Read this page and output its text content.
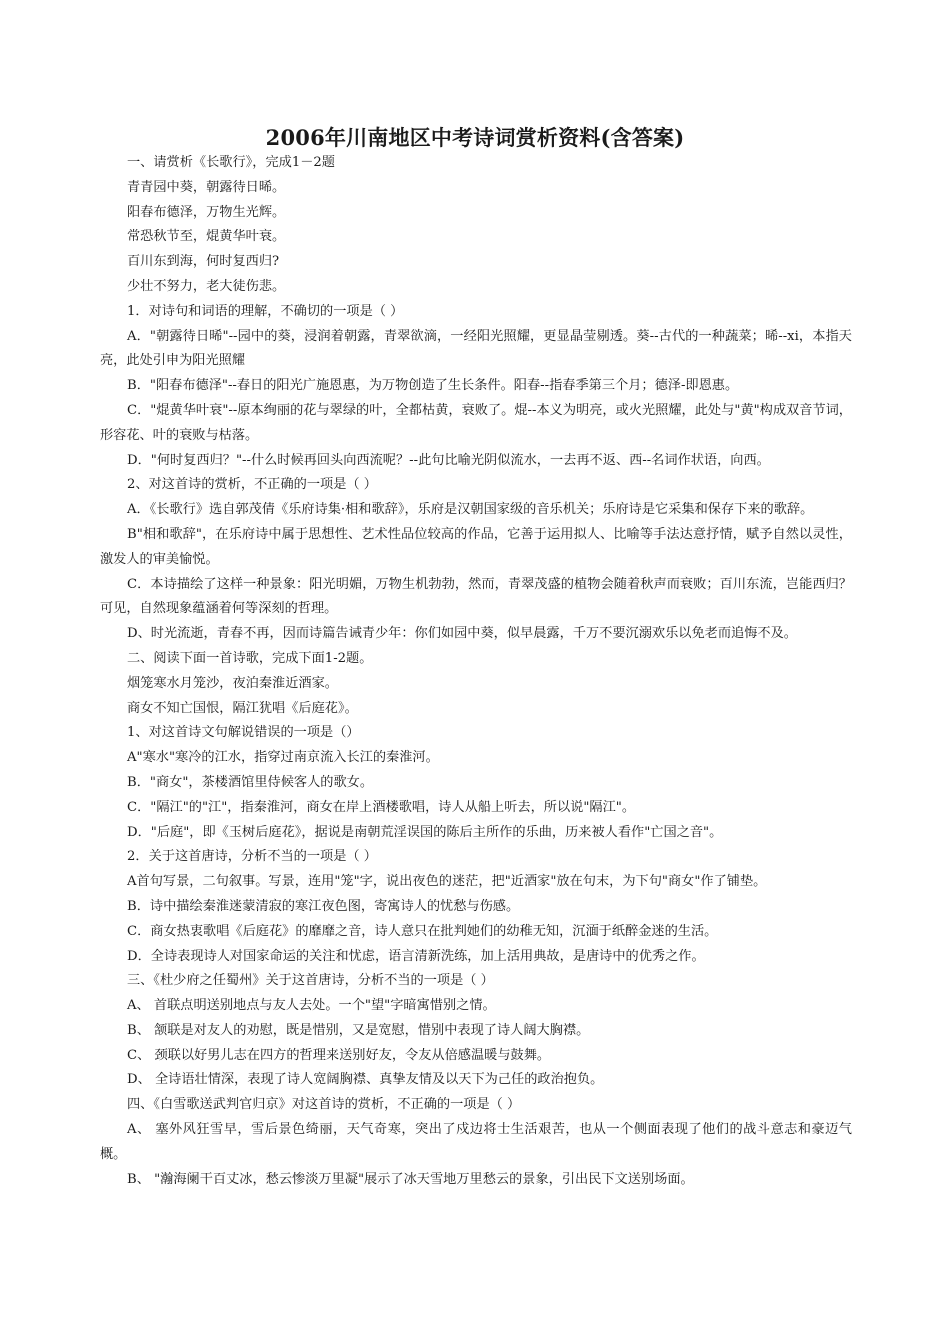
2006年川南地区中考诗词赏析资料(含答案)

一、请赏析《长歌行》，完成1－2题

青青园中葵，朝露待日晞。

阳春布德泽，万物生光辉。

常恐秋节至，焜黄华叶衰。

百川东到海，何时复西归?

少壮不努力，老大徒伤悲。

1．对诗句和词语的理解，不确切的一项是（ ）

A．"朝露待日晞"--园中的葵，浸润着朝露，青翠欲滴，一经阳光照耀，更显晶莹剔透。葵--古代的一种蔬菜；晞--xi，本指天亮，此处引申为阳光照耀

B．"阳春布德泽"--春日的阳光广施恩惠，为万物创造了生长条件。阳春--指春季第三个月；德泽-即恩惠。

C．"焜黄华叶衰"--原本绚丽的花与翠绿的叶，全都枯黄，衰败了。焜--本义为明亮，或火光照耀，此处与"黄"构成双音节词，形容花、叶的衰败与枯落。

D．"何时复西归？"--什么时候再回头向西流呢？--此句比喻光阴似流水，一去再不返、西--名词作状语，向西。

2、对这首诗的赏析，不正确的一项是（ ）

A．《长歌行》选自郭茂倩《乐府诗集·相和歌辞》，乐府是汉朝国家级的音乐机关；乐府诗是它采集和保存下来的歌辞。

B"相和歌辞"，在乐府诗中属于思想性、艺术性品位较高的作品，它善于运用拟人、比喻等手法达意抒情，赋予自然以灵性，激发人的审美愉悦。

C．本诗描绘了这样一种景象：阳光明媚，万物生机勃勃，然而，青翠茂盛的植物会随着秋声而衰败；百川东流，岂能西归？可见，自然现象蕴涵着何等深刻的哲理。

D、时光流逝，青春不再，因而诗篇告诫青少年：你们如园中葵，似早晨露，千万不要沉溺欢乐以免老而追悔不及。

二、阅读下面一首诗歌，完成下面1-2题。

烟笼寒水月笼沙，夜泊秦淮近酒家。

商女不知亡国恨，隔江犹唱《后庭花》。

1、对这首诗文句解说错误的一项是（）

A"寒水"寒冷的江水，指穿过南京流入长江的秦淮河。

B．"商女"，茶楼酒馆里侍候客人的歌女。

C．"隔江"的"江"，指秦淮河，商女在岸上酒楼歌唱，诗人从船上听去，所以说"隔江"。

D．"后庭"，即《玉树后庭花》，据说是南朝荒淫误国的陈后主所作的乐曲，历来被人看作"亡国之音"。

2．关于这首唐诗，分析不当的一项是（ ）

A首句写景，二句叙事。写景，连用"笼"字，说出夜色的迷茫，把"近酒家"放在句末，为下句"商女"作了铺垫。

B．诗中描绘秦淮迷蒙清寂的寒江夜色图，寄寓诗人的忧愁与伤感。

C．商女热衷歌唱《后庭花》的靡靡之音，诗人意只在批判她们的幼稚无知，沉湎于纸醉金迷的生活。

D．全诗表现诗人对国家命运的关注和忧虑，语言清新洗练，加上活用典故，是唐诗中的优秀之作。

三、《杜少府之任蜀州》关于这首唐诗，分析不当的一项是（ ）

A、 首联点明送别地点与友人去处。一个"望"字暗寓惜别之情。

B、 颔联是对友人的劝慰，既是惜别，又是宽慰，惜别中表现了诗人阔大胸襟。

C、 颈联以好男儿志在四方的哲理来送别好友，令友从倍感温暖与鼓舞。

D、 全诗语壮情深，表现了诗人宽阔胸襟、真挚友情及以天下为己任的政治抱负。

四、《白雪歌送武判官归京》对这首诗的赏析，不正确的一项是（ ）

A、 塞外风狂雪早，雪后景色绮丽，天气奇寒，突出了戍边将士生活艰苦，也从一个侧面表现了他们的战斗意志和豪迈气概。

B、 "瀚海阑干百丈冰，愁云惨淡万里凝"展示了冰天雪地万里愁云的景象，引出民下文送别场面。
